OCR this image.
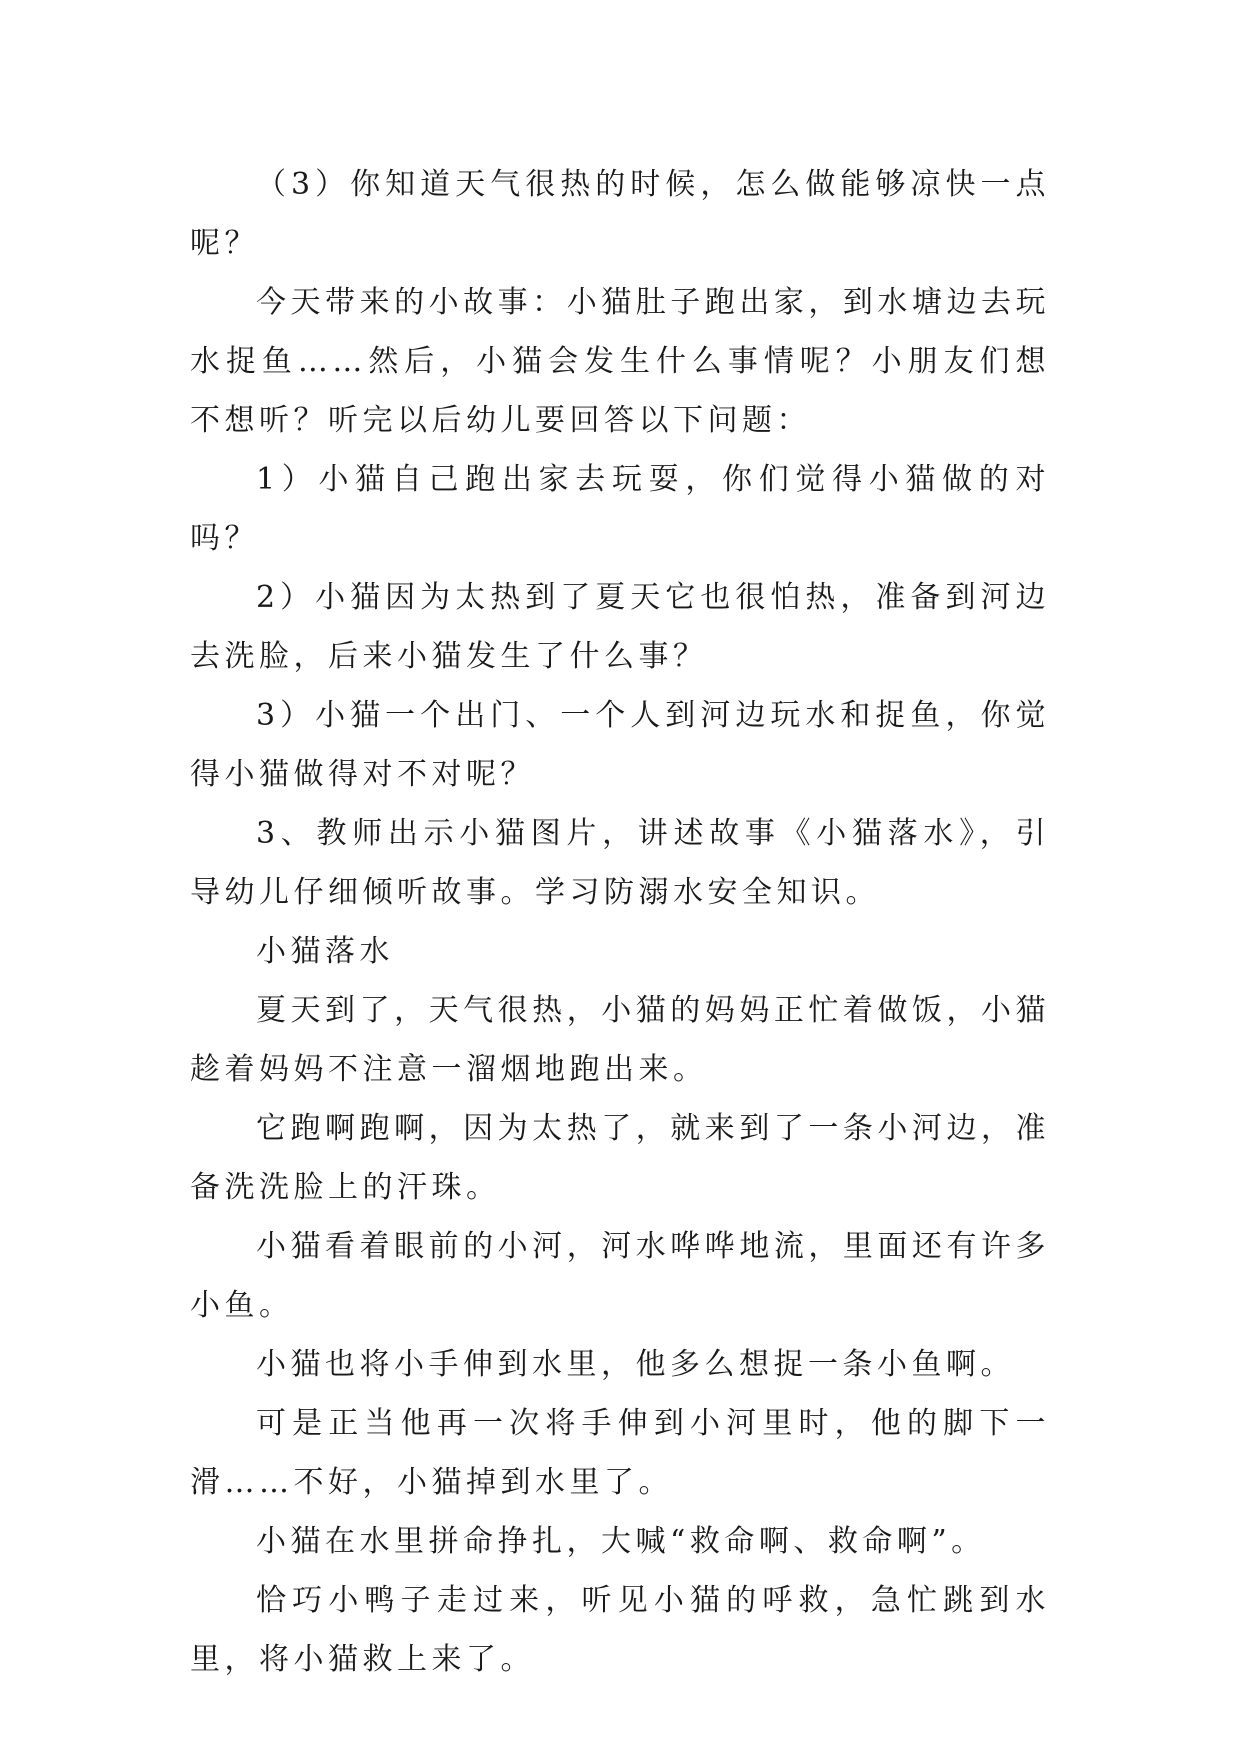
（3）你知道天气很热的时候，怎么做能够凉快一点呢？

今天带来的小故事：小猫肚子跑出家，到水塘边去玩水捉鱼……然后，小猫会发生什么事情呢？小朋友们想不想听？听完以后幼儿要回答以下问题：

1）小猫自己跑出家去玩耍，你们觉得小猫做的对吗？

2）小猫因为太热到了夏天它也很怕热，准备到河边去洗脸，后来小猫发生了什么事？

3）小猫一个出门、一个人到河边玩水和捉鱼，你觉得小猫做得对不对呢？

3、教师出示小猫图片，讲述故事《小猫落水》，引导幼儿仔细倾听故事。学习防溺水安全知识。

小猫落水

夏天到了，天气很热，小猫的妈妈正忙着做饭，小猫趁着妈妈不注意一溜烟地跑出来。

它跑啊跑啊，因为太热了，就来到了一条小河边，准备洗洗脸上的汗珠。

小猫看着眼前的小河，河水哗哗地流，里面还有许多小鱼。

小猫也将小手伸到水里，他多么想捉一条小鱼啊。

可是正当他再一次将手伸到小河里时，他的脚下一滑……不好，小猫掉到水里了。

小猫在水里拼命挣扎，大喊“救命啊、救命啊”。

恰巧小鸭子走过来，听见小猫的呼救，急忙跳到水里，将小猫救上来了。
